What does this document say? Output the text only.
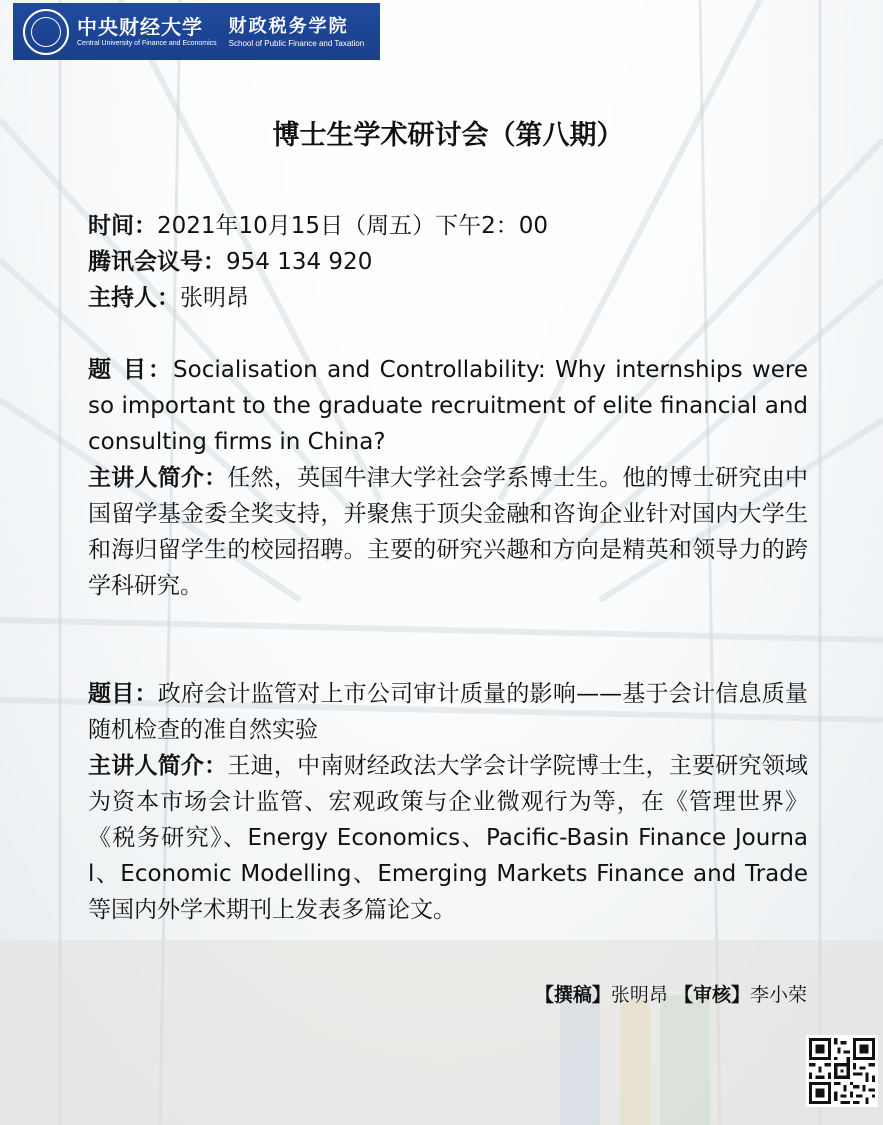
中央财经大学
Central University of Finance and Economics
财政税务学院
School of Public Finance and Taxation
博士生学术研讨会（第八期）
时间：2021年10月15日（周五）下午2：00
腾讯会议号：954 134 920
主持人：张明昂
题 目：Socialisation and Controllability: Why internships were so important to the graduate recruitment of elite financial and consulting firms in China?
主讲人简介：任然，英国牛津大学社会学系博士生。他的博士研究由中国留学基金委全奖支持，并聚焦于顶尖金融和咨询企业针对国内大学生和海归留学生的校园招聘。主要的研究兴趣和方向是精英和领导力的跨学科研究。
题目：政府会计监管对上市公司审计质量的影响——基于会计信息质量随机检查的准自然实验
主讲人简介：王迪，中南财经政法大学会计学院博士生，主要研究领域为资本市场会计监管、宏观政策与企业微观行为等，在《管理世界》《税务研究》、Energy Economics、Pacific-Basin Finance Journal、Economic Modelling、Emerging Markets Finance and Trade等国内外学术期刊上发表多篇论文。
【撰稿】张明昂 【审核】李小荣
